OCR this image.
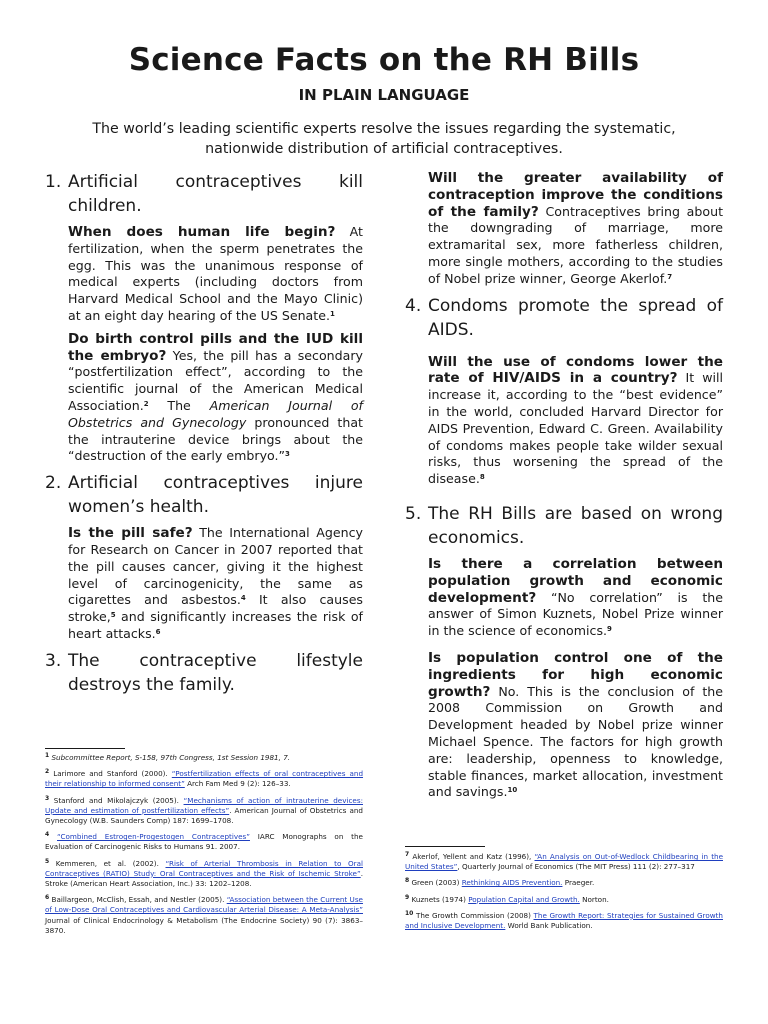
Science Facts on the RH Bills
IN PLAIN LANGUAGE

The world’s leading scientific experts resolve the issues regarding the systematic, nationwide distribution of artificial contraceptives.

1. Artificial contraceptives kill children.

When does human life begin? At fertilization, when the sperm penetrates the egg. This was the unanimous response of medical experts (including doctors from Harvard Medical School and the Mayo Clinic) at an eight day hearing of the US Senate.$^1$

Do birth control pills and the IUD kill the embryo? Yes, the pill has a secondary “postfertilization effect”, according to the scientific journal of the American Medical Association.$^2$ The American Journal of Obstetrics and Gynecology pronounced that the intrauterine device brings about the “destruction of the early embryo.”$^3$

2. Artificial contraceptives injure women’s health.

Is the pill safe? The International Agency for Research on Cancer in 2007 reported that the pill causes cancer, giving it the highest level of carcinogenicity, the same as cigarettes and asbestos.$^4$ It also causes stroke,$^5$ and significantly increases the risk of heart attacks.$^6$

3. The contraceptive lifestyle destroys the family.

Will the greater availability of contraception improve the conditions of the family? Contraceptives bring about the downgrading of marriage, more extramarital sex, more fatherless children, more single mothers, according to the studies of Nobel prize winner, George Akerlof.$^7$

4. Condoms promote the spread of AIDS.

Will the use of condoms lower the rate of HIV/AIDS in a country? It will increase it, according to the “best evidence” in the world, concluded Harvard Director for AIDS Prevention, Edward C. Green. Availability of condoms makes people take wilder sexual risks, thus worsening the spread of the disease.$^8$

5. The RH Bills are based on wrong economics.

Is there a correlation between population growth and economic development? “No correlation” is the answer of Simon Kuznets, Nobel Prize winner in the science of economics.$^9$

Is population control one of the ingredients for high economic growth? No. This is the conclusion of the 2008 Commission on Growth and Development headed by Nobel prize winner Michael Spence. The factors for high growth are: leadership, openness to knowledge, stable finances, market allocation, investment and savings.$^{10}$

$^1$ Subcommittee Report, S-158, 97th Congress, 1st Session 1981, 7.

$^2$ Larimore and Stanford (2000). “Postfertilization effects of oral contraceptives and their relationship to informed consent” Arch Fam Med 9 (2): 126–33.

$^3$ Stanford and Mikolajczyk (2005). “Mechanisms of action of intrauterine devices: Update and estimation of postfertilization effects”. American Journal of Obstetrics and Gynecology (W.B. Saunders Comp) 187: 1699–1708.

$^4$ “Combined Estrogen-Progestogen Contraceptives” IARC Monographs on the Evaluation of Carcinogenic Risks to Humans 91. 2007.

$^5$ Kemmeren, et al. (2002). “Risk of Arterial Thrombosis in Relation to Oral Contraceptives (RATIO) Study: Oral Contraceptives and the Risk of Ischemic Stroke”. Stroke (American Heart Association, Inc.) 33: 1202–1208.

$^6$ Baillargeon, McClish, Essah, and Nestler (2005). “Association between the Current Use of Low-Dose Oral Contraceptives and Cardiovascular Arterial Disease: A Meta-Analysis” Journal of Clinical Endocrinology & Metabolism (The Endocrine Society) 90 (7): 3863–3870.

$^7$ Akerlof, Yellent and Katz (1996), “An Analysis on Out-of-Wedlock Childbearing in the United States”, Quarterly Journal of Economics (The MIT Press) 111 (2): 277–317

$^8$ Green (2003) Rethinking AIDS Prevention. Praeger.

$^9$ Kuznets (1974) Population Capital and Growth. Norton.

$^{10}$ The Growth Commission (2008) The Growth Report: Strategies for Sustained Growth and Inclusive Development. World Bank Publication.
